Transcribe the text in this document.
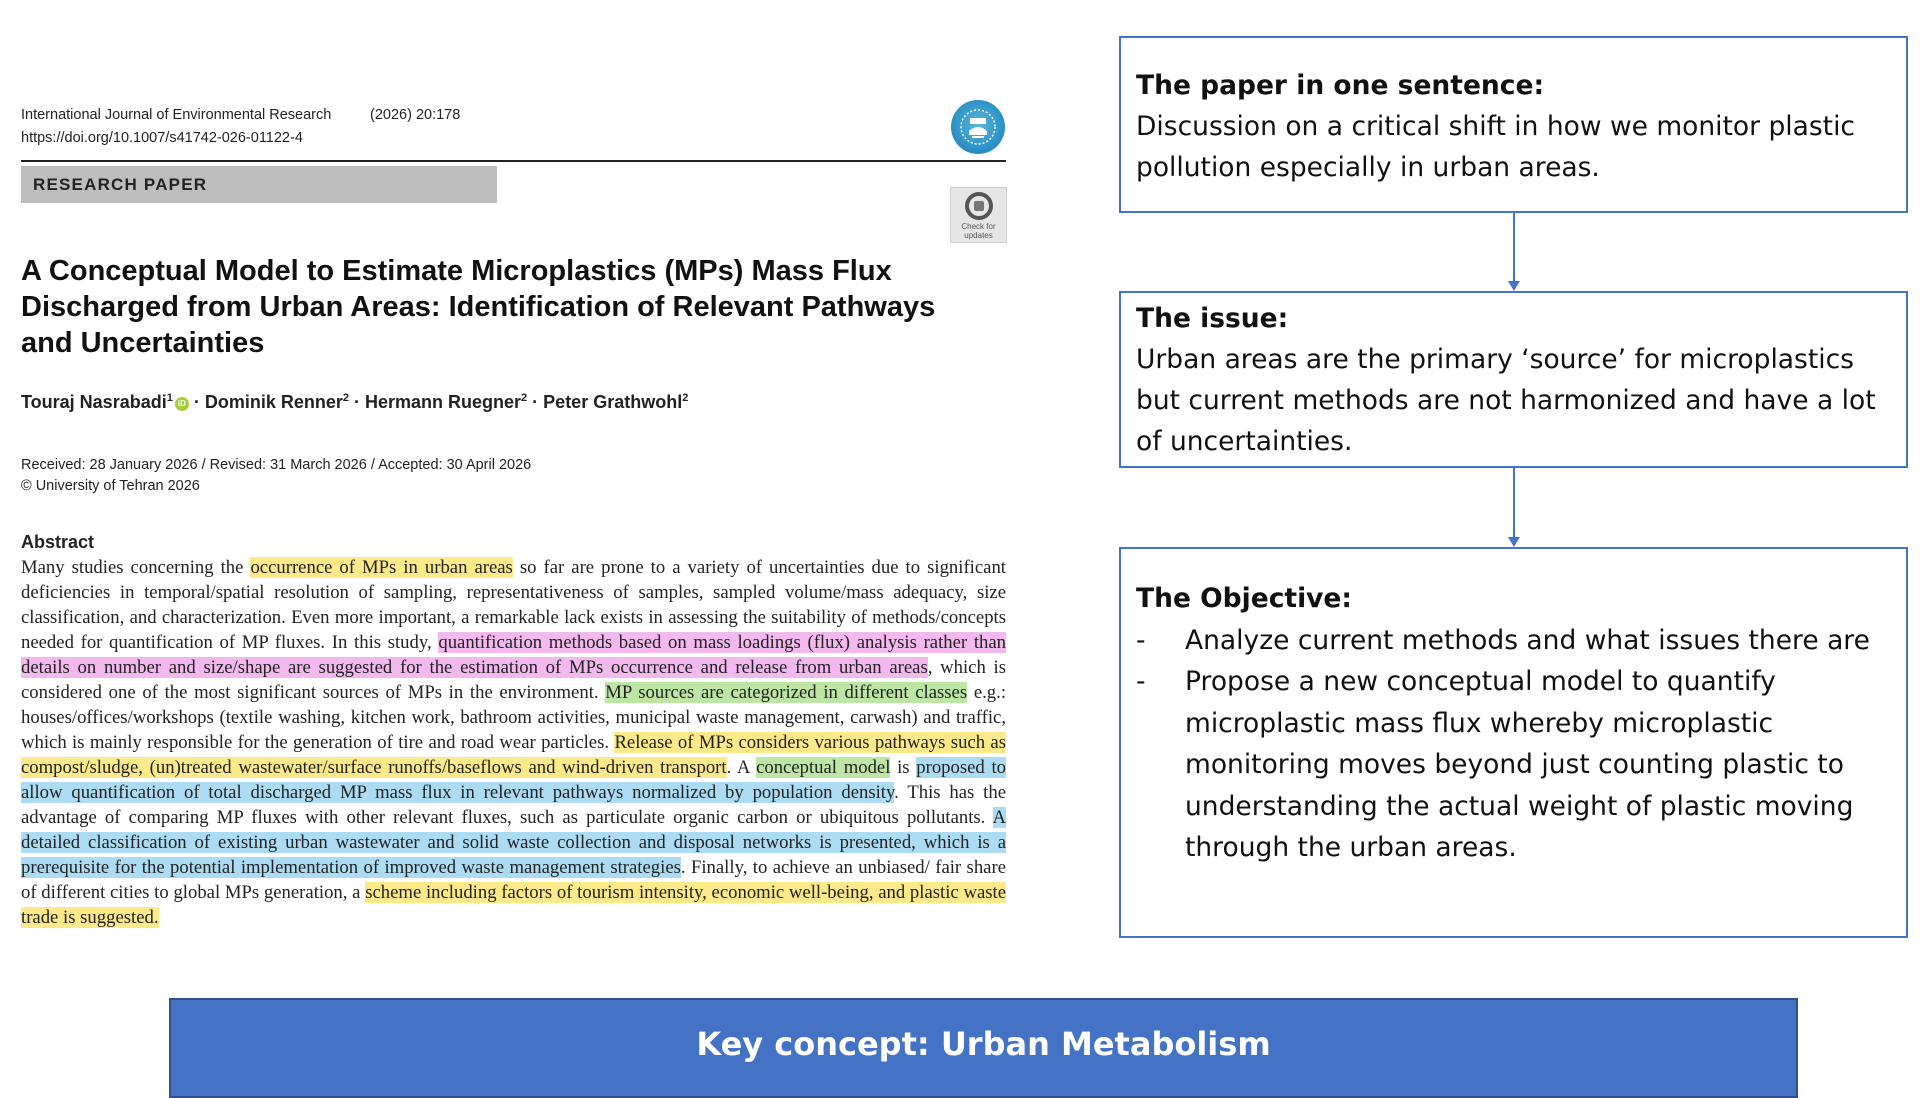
International Journal of Environmental Research	(2026) 20:178
https://doi.org/10.1007/s41742-026-01122-4
RESEARCH PAPER
Check for updates
A Conceptual Model to Estimate Microplastics (MPs) Mass Flux Discharged from Urban Areas: Identification of Relevant Pathways and Uncertainties
Touraj Nasrabadi$^1$ iD · Dominik Renner$^2$ · Hermann Ruegner$^2$ · Peter Grathwohl$^2$
Received: 28 January 2026 / Revised: 31 March 2026 / Accepted: 30 April 2026
© University of Tehran 2026
Abstract
Many studies concerning the occurrence of MPs in urban areas so far are prone to a variety of uncertainties due to significant deficiencies in temporal/spatial resolution of sampling, representativeness of samples, sampled volume/mass adequacy, size classification, and characterization. Even more important, a remarkable lack exists in assessing the suitability of methods/concepts needed for quantification of MP fluxes. In this study, quantification methods based on mass loadings (flux) analysis rather than details on number and size/shape are suggested for the estimation of MPs occurrence and release from urban areas, which is considered one of the most significant sources of MPs in the environment. MP sources are categorized in different classes e.g.: houses/offices/workshops (textile washing, kitchen work, bathroom activities, municipal waste management, carwash) and traffic, which is mainly responsible for the generation of tire and road wear particles. Release of MPs considers various pathways such as compost/sludge, (un)treated wastewater/surface runoffs/baseflows and wind-driven transport. A conceptual model is proposed to allow quantification of total discharged MP mass flux in relevant pathways normalized by population density. This has the advantage of comparing MP fluxes with other relevant fluxes, such as particulate organic carbon or ubiquitous pollutants. A detailed classification of existing urban wastewater and solid waste collection and disposal networks is presented, which is a prerequisite for the potential implementation of improved waste management strategies. Finally, to achieve an unbiased/ fair share of different cities to global MPs generation, a scheme including factors of tourism intensity, economic well-being, and plastic waste trade is suggested.
The paper in one sentence:
Discussion on a critical shift in how we monitor plastic pollution especially in urban areas.
The issue:
Urban areas are the primary ‘source’ for microplastics but current methods are not harmonized and have a lot of uncertainties.
The Objective:
- Analyze current methods and what issues there are
- Propose a new conceptual model to quantify microplastic mass flux whereby microplastic monitoring moves beyond just counting plastic to understanding the actual weight of plastic moving through the urban areas.
Key concept: Urban Metabolism
